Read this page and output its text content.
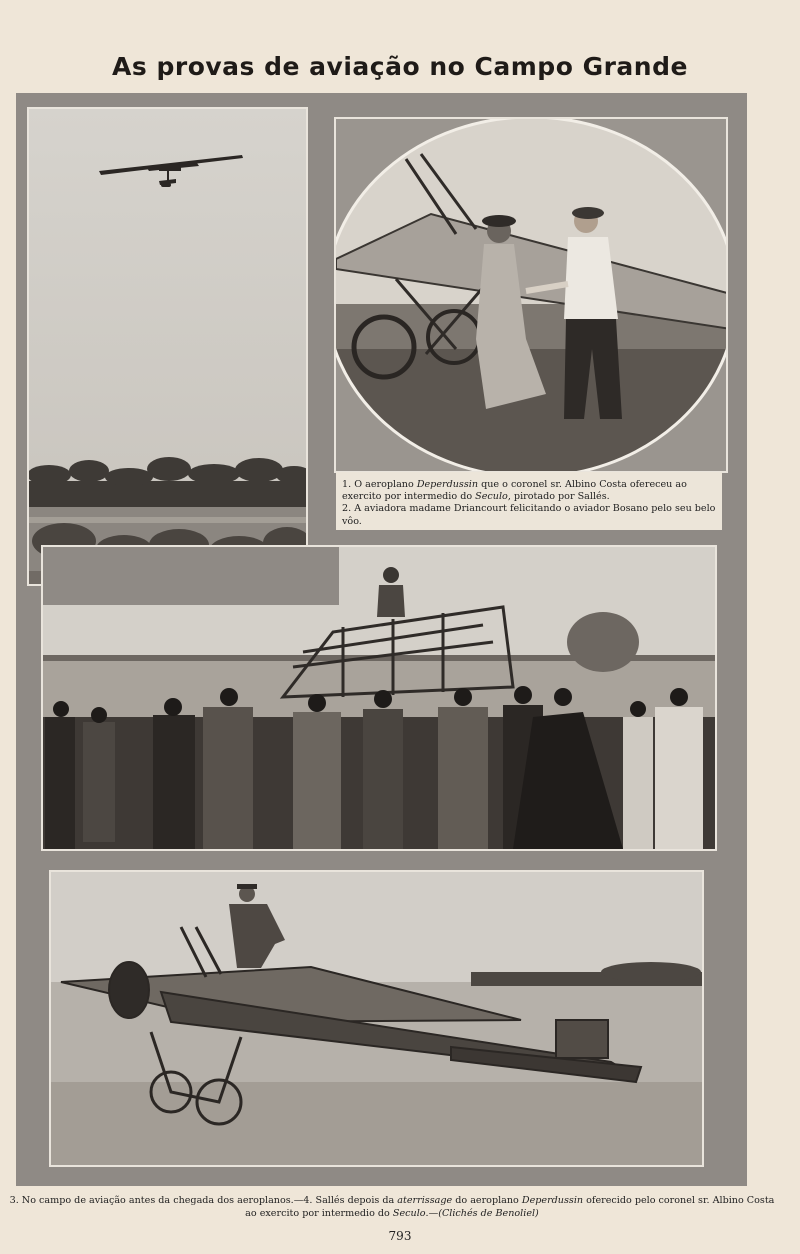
As provas de aviação no Campo Grande

1. O aeroplano Deperdussin que o coronel sr. Albino Costa ofereceu ao exercito por intermedio do Seculo, pirotado por Sallés.

2. A aviadora madame Driancourt felicitando o aviador Bosano pelo seu belo vôo.

3. No campo de aviação antes da chegada dos aeroplanos.—4. Sallés depois da aterrissage do aeroplano Deperdussin oferecido pelo coronel sr. Albino Costa ao exercito por intermedio do Seculo.—(Clichés de Benoliel)
793
